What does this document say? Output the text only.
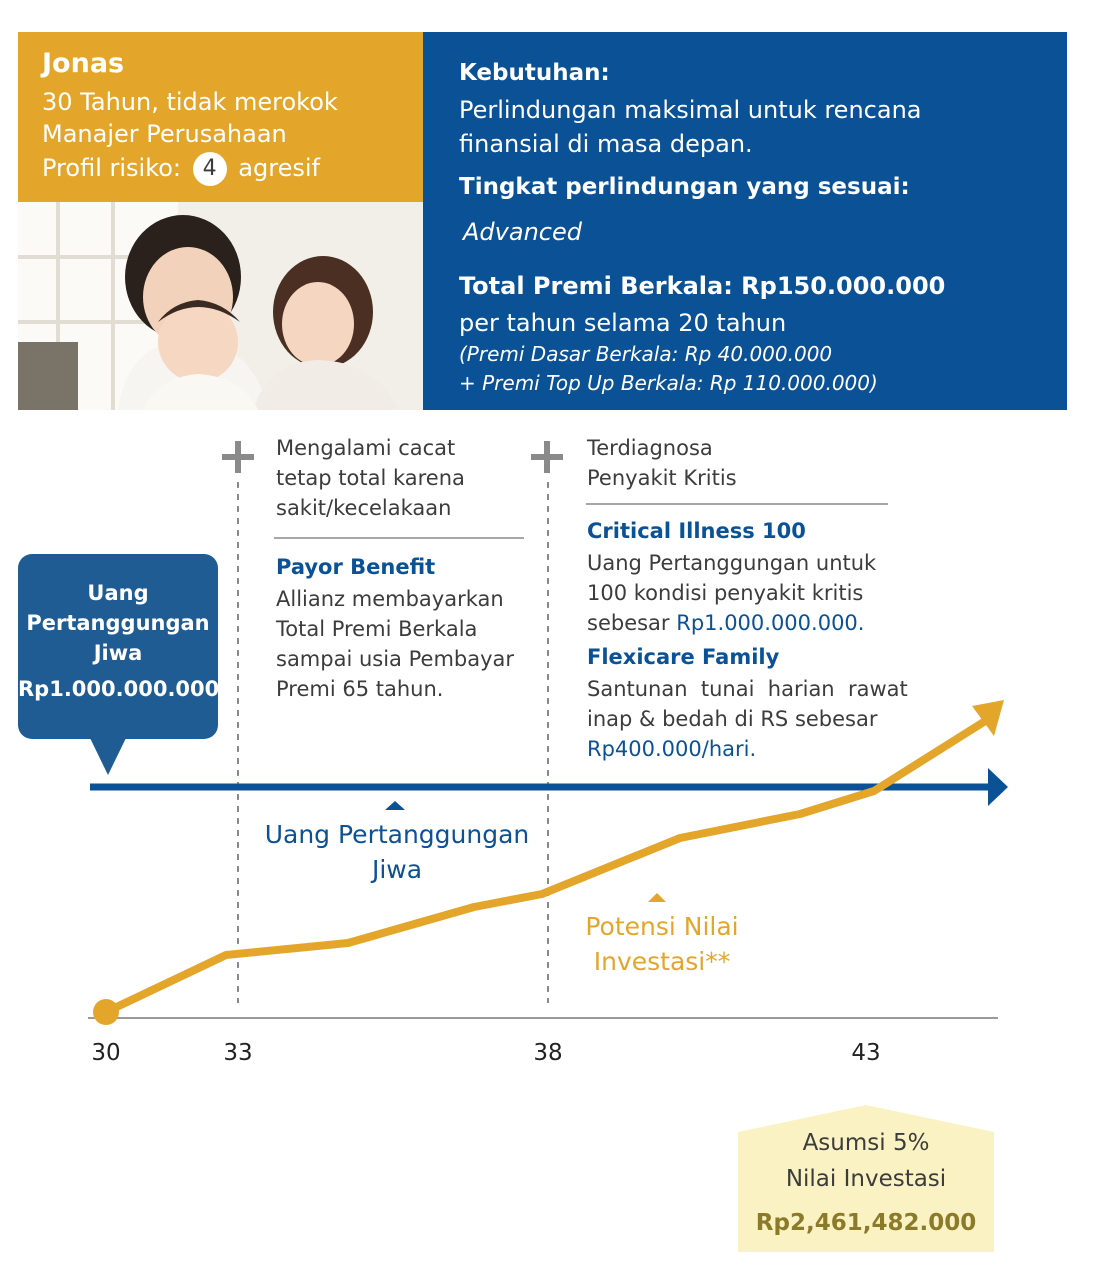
Jonas
30 Tahun, tidak merokok
Manajer Perusahaan
Profil risiko: 4 agresif
Kebutuhan:
Perlindungan maksimal untuk rencana
finansial di masa depan.
Tingkat perlindungan yang sesuai:
Advanced
Total Premi Berkala: Rp150.000.000
per tahun selama 20 tahun
(Premi Dasar Berkala: Rp 40.000.000
+ Premi Top Up Berkala: Rp 110.000.000)
Mengalami cacat
tetap total karena
sakit/kecelakaan
Payor Benefit
Allianz membayarkan
Total Premi Berkala
sampai usia Pembayar
Premi 65 tahun.
Terdiagnosa
Penyakit Kritis
Critical Illness 100
Uang Pertanggungan untuk
100 kondisi penyakit kritis
sebesar Rp1.000.000.000.
Flexicare Family
Santunan  tunai  harian  rawat
inap & bedah di RS sebesar
Rp400.000/hari.
Uang
Pertanggungan
Jiwa
Rp1.000.000.000
Uang Pertanggungan
Jiwa
Potensi Nilai
Investasi**
30	33	38	43
Asumsi 5%
Nilai Investasi
Rp2,461,482.000
